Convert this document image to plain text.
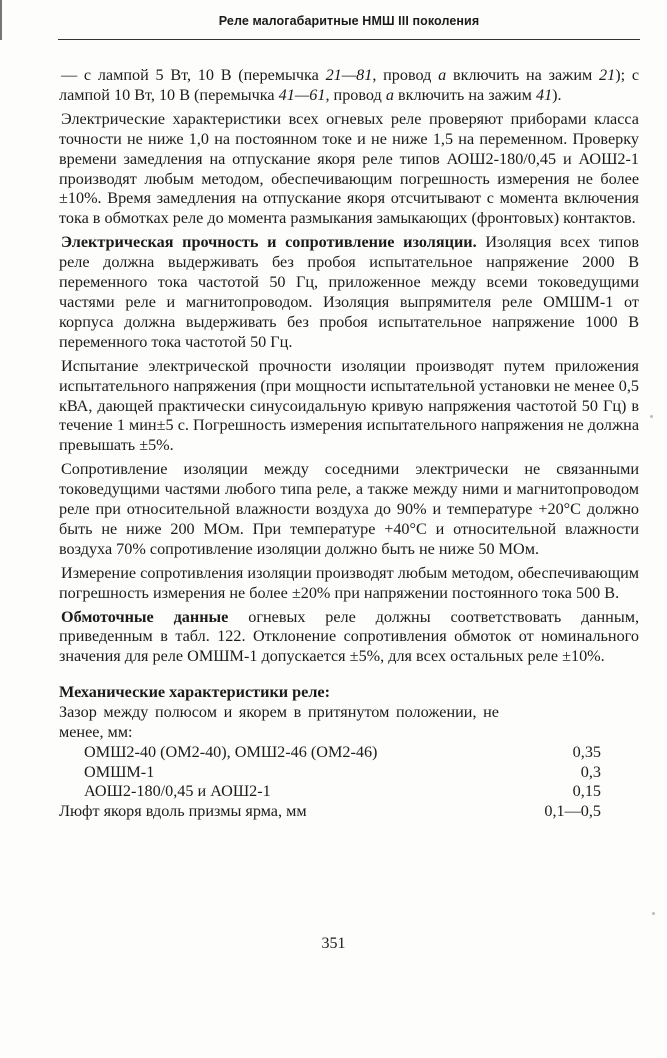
Реле малогабаритные НМШ III поколения

— с лампой 5 Вт, 10 В (перемычка 21—81, провод а включить на зажим 21); с лампой 10 Вт, 10 В (перемычка 41—61, провод а включить на зажим 41).

Электрические характеристики всех огневых реле проверяют приборами класса точности не ниже 1,0 на постоянном токе и не ниже 1,5 на переменном. Проверку времени замедления на отпускание якоря реле типов АОШ2-180/0,45 и АОШ2-1 производят любым методом, обеспечивающим погрешность измерения не более ±10%. Время замедления на отпускание якоря отсчитывают с момента включения тока в обмотках реле до момента размыкания замыкающих (фронтовых) контактов.

Электрическая прочность и сопротивление изоляции. Изоляция всех типов реле должна выдерживать без пробоя испытательное напряжение 2000 В переменного тока частотой 50 Гц, приложенное между всеми токоведущими частями реле и магнитопроводом. Изоляция выпрямителя реле ОМШМ-1 от корпуса должна выдерживать без пробоя испытательное напряжение 1000 В переменного тока частотой 50 Гц.

Испытание электрической прочности изоляции производят путем приложения испытательного напряжения (при мощности испытательной установки не менее 0,5 кВА, дающей практически синусоидальную кривую напряжения частотой 50 Гц) в течение 1 мин±5 с. Погрешность измерения испытательного напряжения не должна превышать ±5%.

Сопротивление изоляции между соседними электрически не связанными токоведущими частями любого типа реле, а также между ними и магнитопроводом реле при относительной влажности воздуха до 90% и температуре +20°С должно быть не ниже 200 МОм. При температуре +40°С и относительной влажности воздуха 70% сопротивление изоляции должно быть не ниже 50 МОм.

Измерение сопротивления изоляции производят любым методом, обеспечивающим погрешность измерения не более ±20% при напряжении постоянного тока 500 В.

Обмоточные данные огневых реле должны соответствовать данным, приведенным в табл. 122. Отклонение сопротивления обмоток от номинального значения для реле ОМШМ-1 допускается ±5%, для всех остальных реле ±10%.

Механические характеристики реле:
Зазор между полюсом и якорем в притянутом положении, не менее, мм:
ОМШ2-40 (ОМ2-40), ОМШ2-46 (ОМ2-46)	0,35
ОМШМ-1	0,3
АОШ2-180/0,45 и АОШ2-1	0,15
Люфт якоря вдоль призмы ярма, мм	0,1—0,5
351
